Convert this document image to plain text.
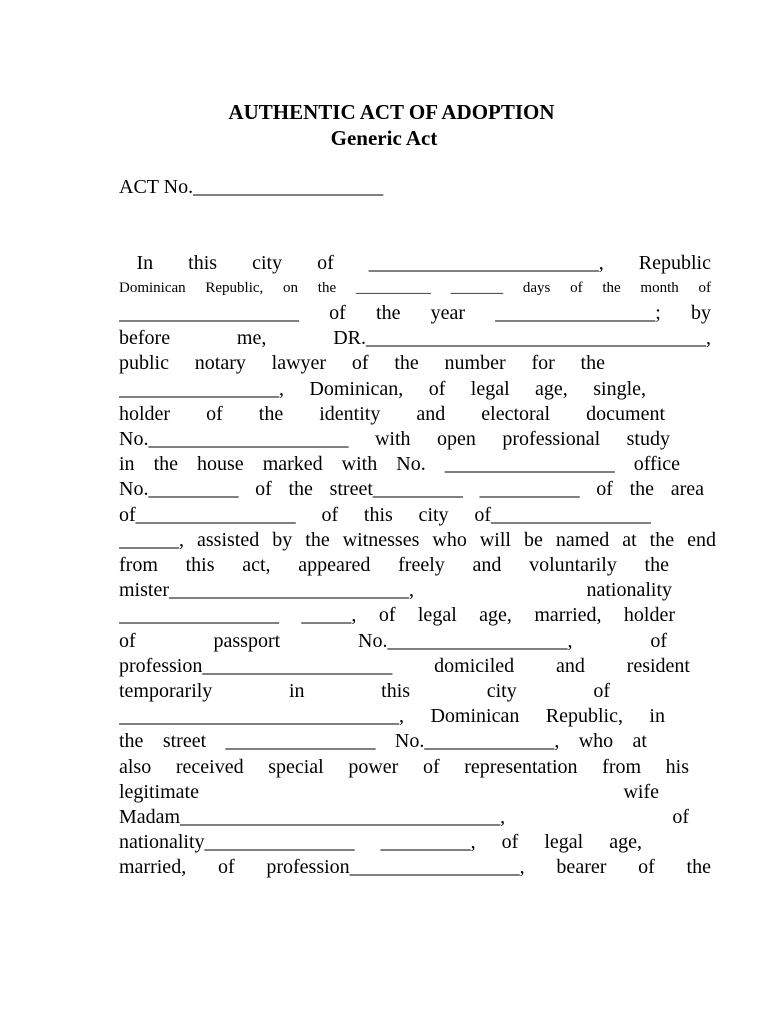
AUTHENTIC ACT OF ADOPTION
Generic Act
ACT No.___________________
In  this  city  of  _______________________,  Republic
Dominican Republic, on the __________ _______ days of the month of
__________________  of  the  year  ________________;  by
before      me,      DR.__________________________________,
public  notary  lawyer  of  the  number  for  the
________________,  Dominican,  of  legal  age,  single,
holder  of  the  identity  and  electoral  document
No.____________________  with  open  professional  study
in  the  house  marked  with  No.  _________________  office
No._________  of  the  street_________  __________  of  the  area
of________________  of  this  city  of________________
______,  assisted  by  the  witnesses  who  will  be  named  at  the  end
from  this  act,  appeared  freely  and  voluntarily  the
mister________________________,  nationality
________________  _____,  of  legal  age,  married,  holder
of  passport  No.__________________,  of
profession___________________  domiciled  and  resident
temporarily  in  this  city  of
____________________________,  Dominican  Republic,  in
the  street  _______________  No._____________,  who  at
also  received  special  power  of  representation  from  his
legitimate  wife
Madam________________________________,  of
nationality_______________  _________,  of  legal  age,
married,  of  profession_________________,  bearer  of  the
